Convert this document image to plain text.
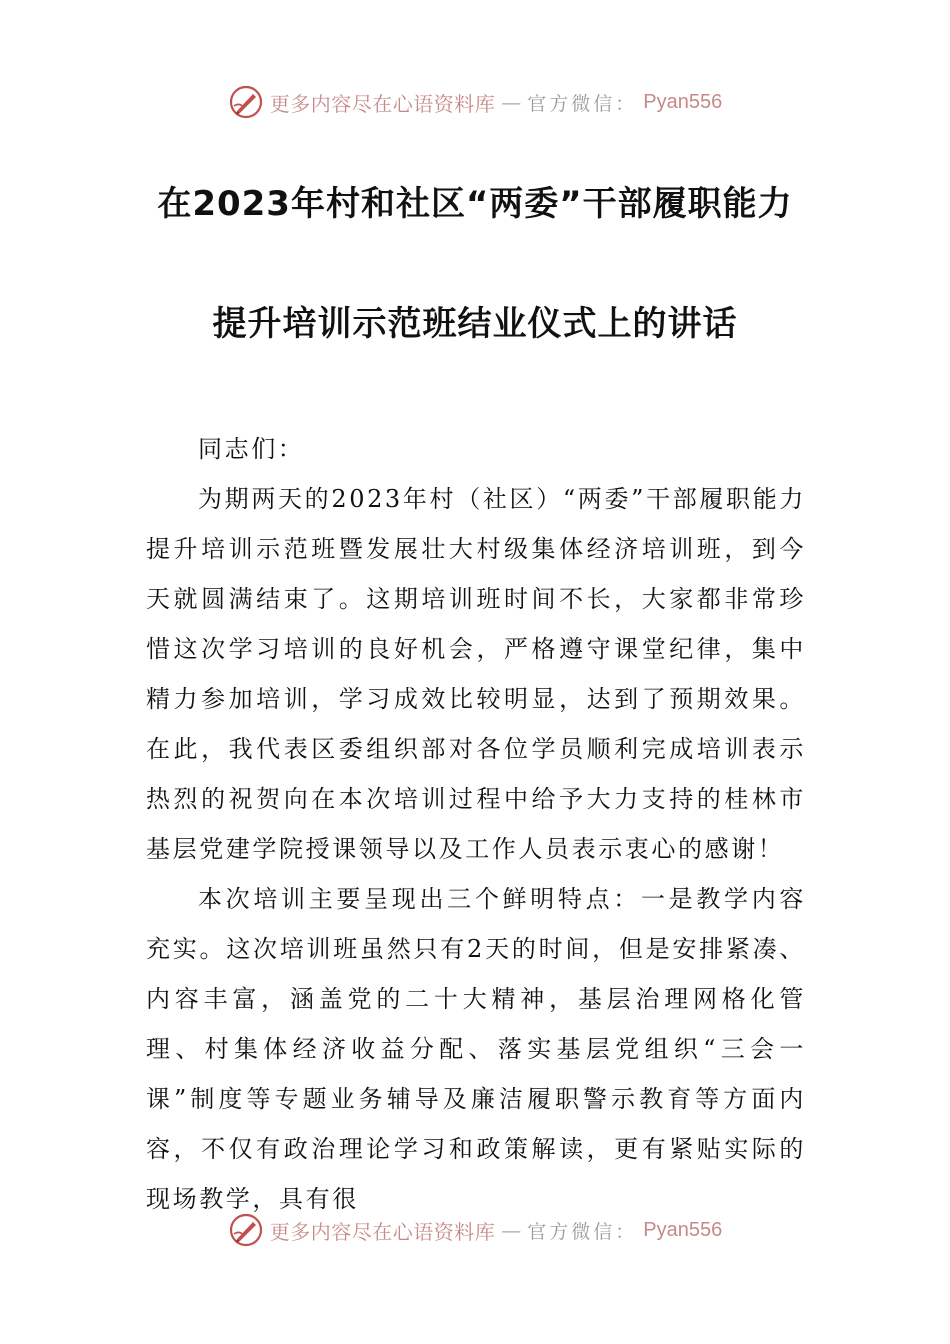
更多内容尽在心语资料库 — 官方微信： Pyan556
在2023年村和社区“两委”干部履职能力
提升培训示范班结业仪式上的讲话

同志们：

为期两天的2023年村（社区）“两委”干部履职能力提升培训示范班暨发展壮大村级集体经济培训班，到今天就圆满结束了。这期培训班时间不长，大家都非常珍惜这次学习培训的良好机会，严格遵守课堂纪律，集中精力参加培训，学习成效比较明显，达到了预期效果。在此，我代表区委组织部对各位学员顺利完成培训表示热烈的祝贺向在本次培训过程中给予大力支持的桂林市基层党建学院授课领导以及工作人员表示衷心的感谢！

本次培训主要呈现出三个鲜明特点：一是教学内容充实。这次培训班虽然只有2天的时间，但是安排紧凑、内容丰富，涵盖党的二十大精神，基层治理网格化管理、村集体经济收益分配、落实基层党组织“三会一课”制度等专题业务辅导及廉洁履职警示教育等方面内容，不仅有政治理论学习和政策解读，更有紧贴实际的现场教学，具有很

更多内容尽在心语资料库 — 官方微信： Pyan556
